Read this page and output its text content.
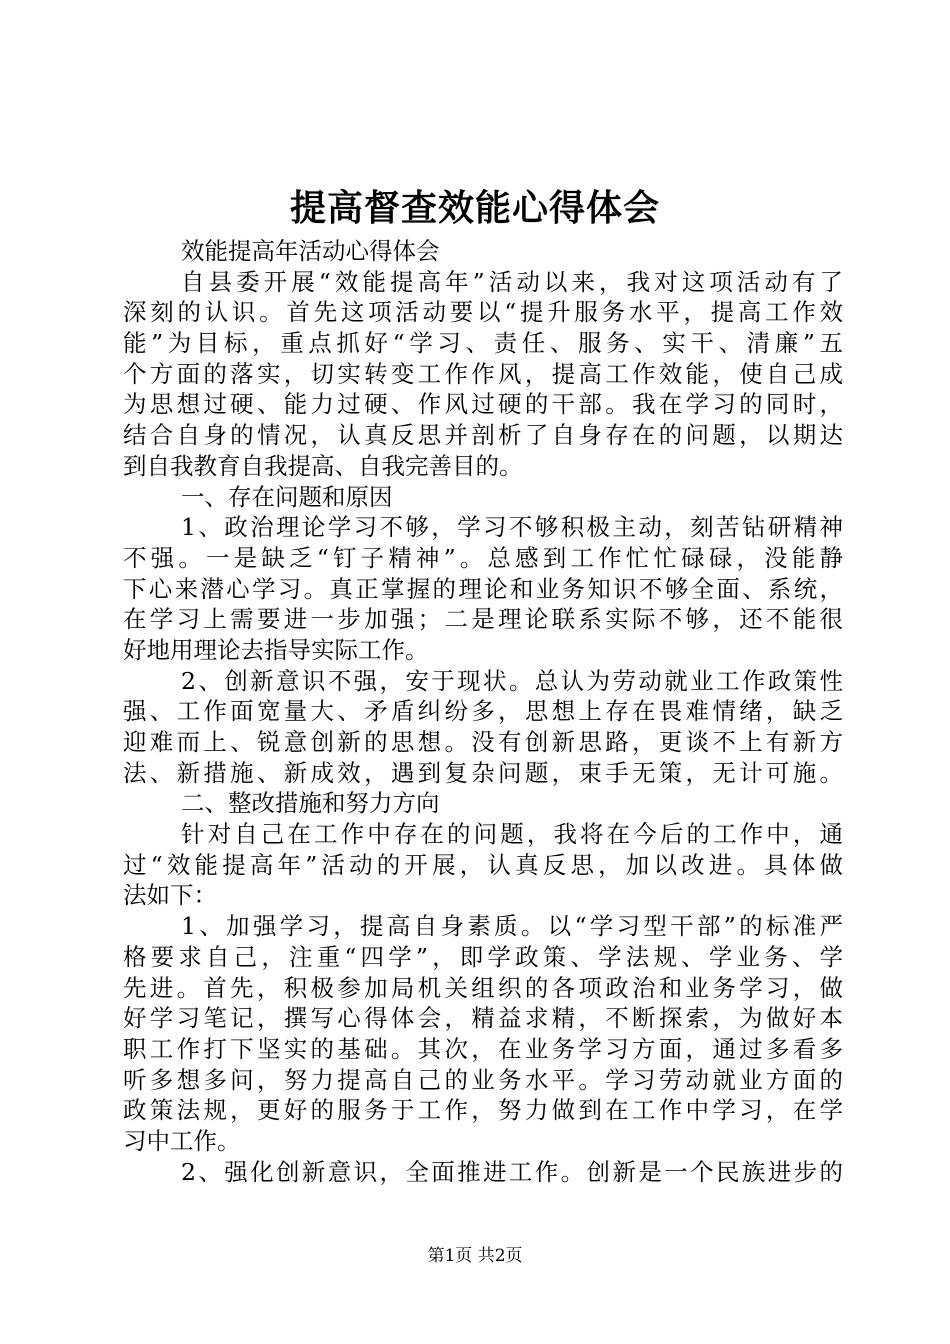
提高督查效能心得体会
效能提高年活动心得体会
自县委开展“效能提高年”活动以来，我对这项活动有了
深刻的认识。首先这项活动要以“提升服务水平，提高工作效
能”为目标，重点抓好“学习、责任、服务、实干、清廉”五
个方面的落实，切实转变工作作风，提高工作效能，使自己成
为思想过硬、能力过硬、作风过硬的干部。我在学习的同时，
结合自身的情况，认真反思并剖析了自身存在的问题，以期达
到自我教育自我提高、自我完善目的。
一、存在问题和原因
1、政治理论学习不够，学习不够积极主动，刻苦钻研精神
不强。一是缺乏“钉子精神”。总感到工作忙忙碌碌，没能静
下心来潜心学习。真正掌握的理论和业务知识不够全面、系统，
在学习上需要进一步加强；二是理论联系实际不够，还不能很
好地用理论去指导实际工作。
2、创新意识不强，安于现状。总认为劳动就业工作政策性
强、工作面宽量大、矛盾纠纷多，思想上存在畏难情绪，缺乏
迎难而上、锐意创新的思想。没有创新思路，更谈不上有新方
法、新措施、新成效，遇到复杂问题，束手无策，无计可施。
二、整改措施和努力方向
针对自己在工作中存在的问题，我将在今后的工作中，通
过“效能提高年”活动的开展，认真反思，加以改进。具体做
法如下：
1、加强学习，提高自身素质。以“学习型干部”的标准严
格要求自己，注重“四学”，即学政策、学法规、学业务、学
先进。首先，积极参加局机关组织的各项政治和业务学习，做
好学习笔记，撰写心得体会，精益求精，不断探索，为做好本
职工作打下坚实的基础。其次，在业务学习方面，通过多看多
听多想多问，努力提高自己的业务水平。学习劳动就业方面的
政策法规，更好的服务于工作，努力做到在工作中学习，在学
习中工作。
2、强化创新意识，全面推进工作。创新是一个民族进步的
第1页 共2页
